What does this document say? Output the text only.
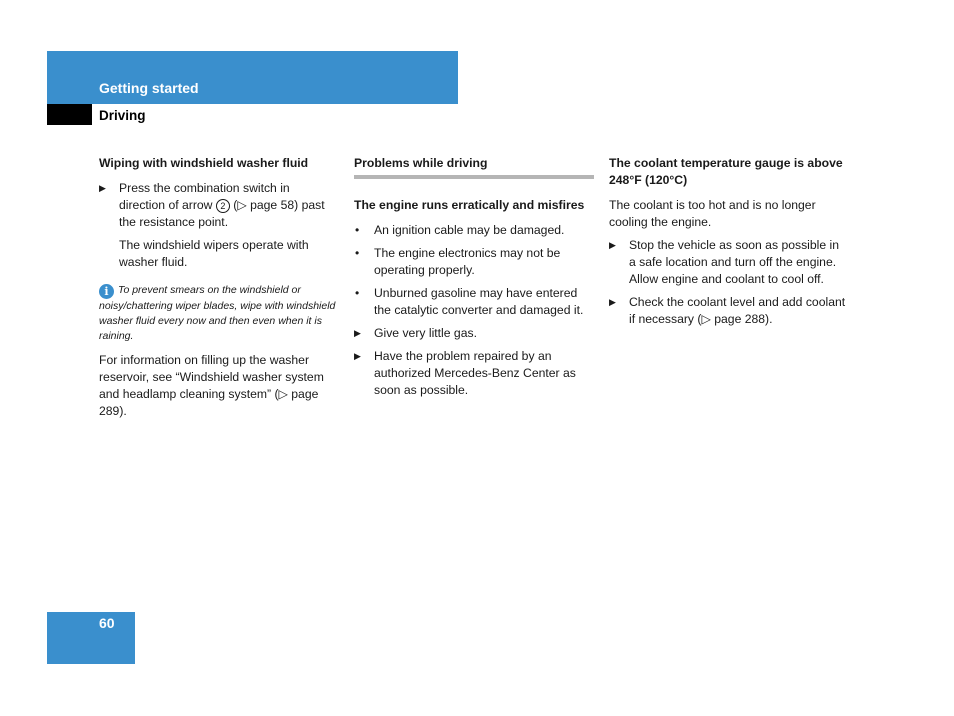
Getting started
Driving
Wiping with windshield washer fluid
▶	Press the combination switch in direction of arrow 2 (▷ page 58) past the resistance point.
The windshield wipers operate with washer fluid.
i To prevent smears on the windshield or noisy/chattering wiper blades, wipe with windshield washer fluid every now and then even when it is raining.

For information on filling up the washer reservoir, see “Windshield washer system and headlamp cleaning system” (▷ page 289).

Problems while driving
The engine runs erratically and misfires
• An ignition cable may be damaged.
• The engine electronics may not be operating properly.
• Unburned gasoline may have entered the catalytic converter and damaged it.
▶	Give very little gas.
▶	Have the problem repaired by an authorized Mercedes-Benz Center as soon as possible.
The coolant temperature gauge is above 248°F (120°C)

The coolant is too hot and is no longer cooling the engine.

▶	Stop the vehicle as soon as possible in a safe location and turn off the engine. Allow engine and coolant to cool off.
▶	Check the coolant level and add coolant if necessary (▷ page 288).
60
